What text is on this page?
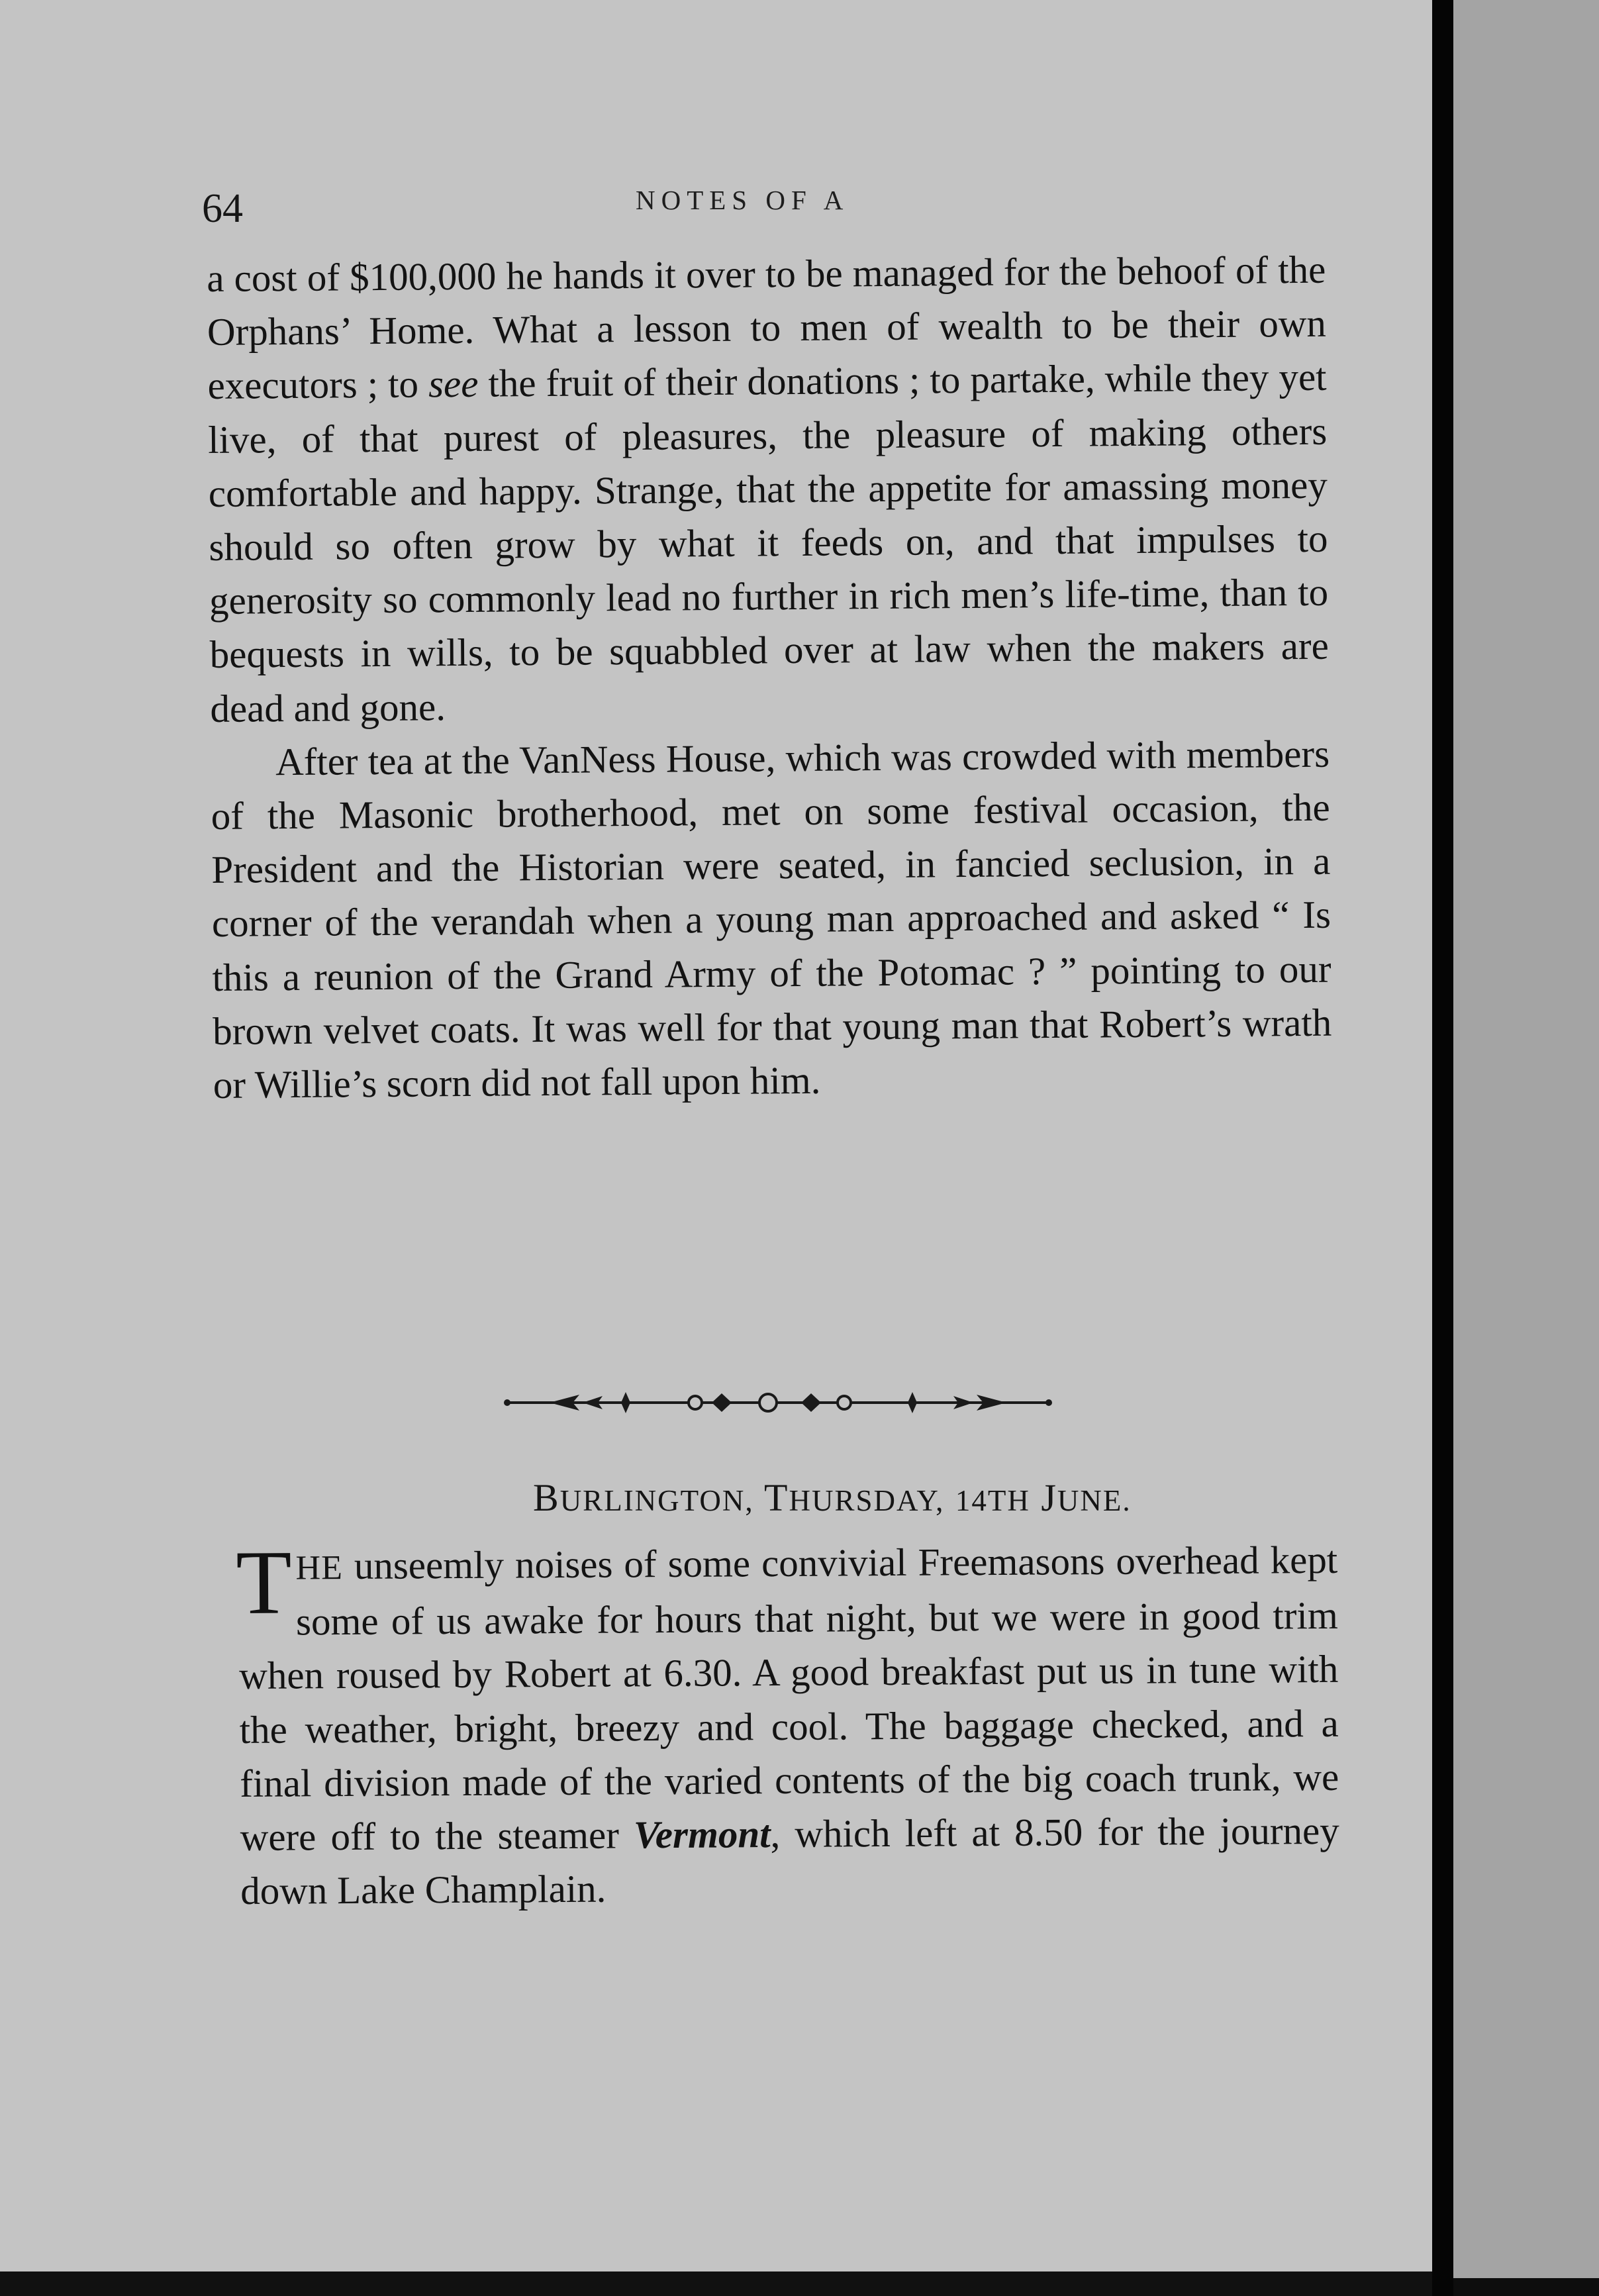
64	NOTES OF A

a cost of $100,000 he hands it over to be managed for the behoof of the Orphans’ Home. What a lesson to men of wealth to be their own executors ; to see the fruit of their donations ; to partake, while they yet live, of that purest of pleasures, the pleasure of making others comfortable and happy. Strange, that the appetite for amassing money should so often grow by what it feeds on, and that impulses to generosity so commonly lead no further in rich men’s life-time, than to bequests in wills, to be squabbled over at law when the makers are dead and gone.

After tea at the VanNess House, which was crowded with members of the Masonic brotherhood, met on some festival occasion, the President and the Historian were seated, in fancied seclusion, in a corner of the verandah when a young man approached and asked “ Is this a reunion of the Grand Army of the Potomac ? ” pointing to our brown velvet coats. It was well for that young man that Robert’s wrath or Willie’s scorn did not fall upon him.

BURLINGTON, THURSDAY, 14TH JUNE.

THE unseemly noises of some convivial Freemasons overhead kept some of us awake for hours that night, but we were in good trim when roused by Robert at 6.30. A good breakfast put us in tune with the weather, bright, breezy and cool. The baggage checked, and a final division made of the varied contents of the big coach trunk, we were off to the steamer Vermont, which left at 8.50 for the journey down Lake Champlain.
